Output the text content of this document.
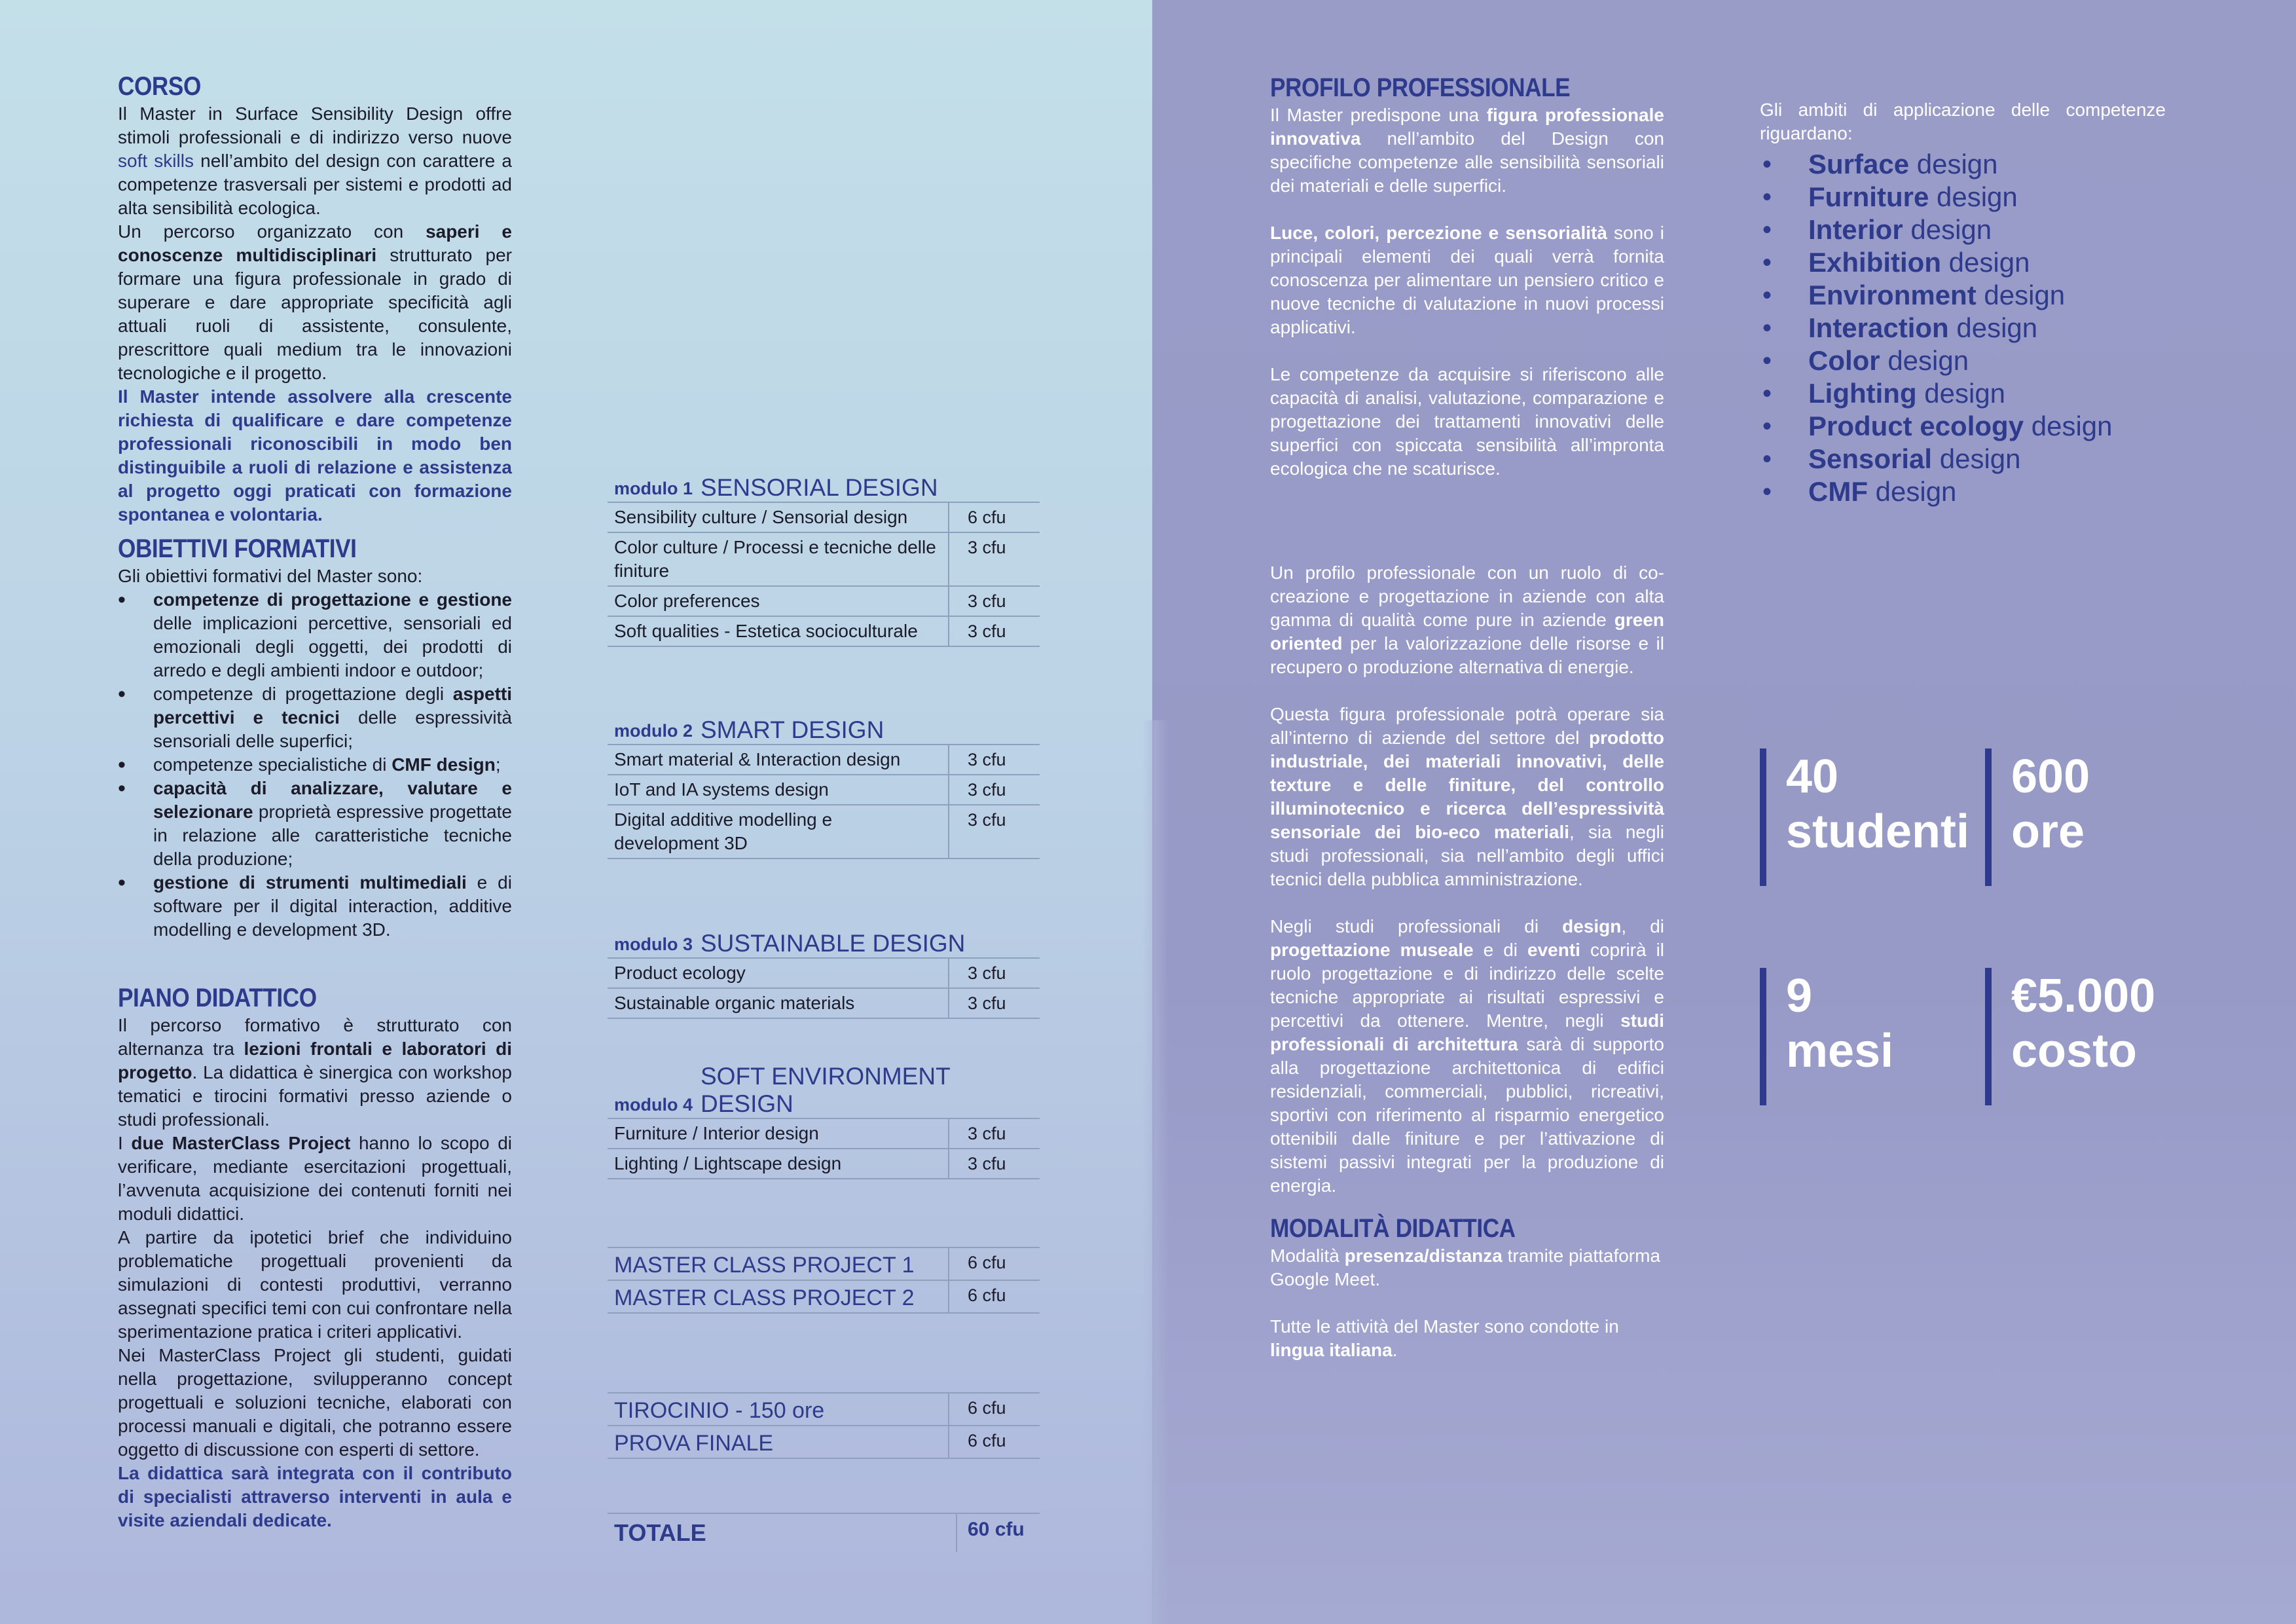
CORSO

Il Master in Surface Sensibility Design offre stimoli professionali e di indirizzo verso nuove soft skills nell’ambito del design con carattere a competenze trasversali per sistemi e prodotti ad alta sensibilità ecologica.

Un percorso organizzato con saperi e conoscenze multidisciplinari strutturato per formare una figura professionale in grado di superare e dare appropriate specificità agli attuali ruoli di assistente, consulente, prescrittore quali medium tra le innovazioni tecnologiche e il progetto.

Il Master intende assolvere alla crescente richiesta di qualificare e dare competenze professionali riconoscibili in modo ben distinguibile a ruoli di relazione e assistenza al progetto oggi praticati con formazione spontanea e volontaria.

OBIETTIVI FORMATIVI

Gli obiettivi formativi del Master sono:

• competenze di progettazione e gestione delle implicazioni percettive, sensoriali ed emozionali degli oggetti, dei prodotti di arredo e degli ambienti indoor e outdoor;
• competenze di progettazione degli aspetti percettivi e tecnici delle espressività sensoriali delle superfici;
• competenze specialistiche di CMF design;
• capacità di analizzare, valutare e selezionare proprietà espressive progettate in relazione alle caratteristiche tecniche della produzione;
• gestione di strumenti multimediali e di software per il digital interaction, additive modelling e development 3D.
PIANO DIDATTICO

Il percorso formativo è strutturato con alternanza tra lezioni frontali e laboratori di progetto. La didattica è sinergica con workshop tematici e tirocini formativi presso aziende o studi professionali.

I due MasterClass Project hanno lo scopo di verificare, mediante esercitazioni progettuali, l’avvenuta acquisizione dei contenuti forniti nei moduli didattici.

A partire da ipotetici brief che individuino problematiche progettuali provenienti da simulazioni di contesti produttivi, verranno assegnati specifici temi con cui confrontare nella sperimentazione pratica i criteri applicativi.

Nei MasterClass Project gli studenti, guidati nella progettazione, svilupperanno concept progettuali e soluzioni tecniche, elaborati con processi manuali e digitali, che potranno essere oggetto di discussione con esperti di settore.

La didattica sarà integrata con il contributo di specialisti attraverso interventi in aula e visite aziendali dedicate.

modulo 1 SENSORIAL DESIGN
Sensibility culture / Sensorial design	6 cfu
Color culture / Processi e tecniche delle finiture
3 cfu
Color preferences	3 cfu
Soft qualities - Estetica socioculturale	3 cfu
modulo 2 SMART DESIGN
Smart material & Interaction design	3 cfu
IoT and IA systems design	3 cfu
Digital additive modelling e development 3D
3 cfu
modulo 3 SUSTAINABLE DESIGN
Product ecology	3 cfu
Sustainable organic materials	3 cfu
modulo 4
SOFT ENVIRONMENT DESIGN
Furniture / Interior design	3 cfu
Lighting / Lightscape design	3 cfu
MASTER CLASS PROJECT 1	6 cfu
MASTER CLASS PROJECT 2	6 cfu
TIROCINIO - 150 ore	6 cfu
PROVA FINALE	6 cfu
TOTALE	60 cfu
PROFILO PROFESSIONALE

Il Master predispone una figura professionale innovativa nell’ambito del Design con specifiche competenze alle sensibilità sensoriali dei materiali e delle superfici.

Luce, colori, percezione e sensorialità sono i principali elementi dei quali verrà fornita conoscenza per alimentare un pensiero critico e nuove tecniche di valutazione in nuovi processi applicativi.

Le competenze da acquisire si riferiscono alle capacità di analisi, valutazione, comparazione e progettazione dei trattamenti innovativi delle superfici con spiccata sensibilità all’impronta ecologica che ne scaturisce.

Un profilo professionale con un ruolo di co-creazione e progettazione in aziende con alta gamma di qualità come pure in aziende green oriented per la valorizzazione delle risorse e il recupero o produzione alternativa di energie.

Questa figura professionale potrà operare sia all’interno di aziende del settore del prodotto industriale, dei materiali innovativi, delle texture e delle finiture, del controllo illuminotecnico e ricerca dell’espressività sensoriale dei bio-eco materiali, sia negli studi professionali, sia nell’ambito degli uffici tecnici della pubblica amministrazione.

Negli studi professionali di design, di progettazione museale e di eventi coprirà il ruolo progettazione e di indirizzo delle scelte tecniche appropriate ai risultati espressivi e percettivi da ottenere. Mentre, negli studi professionali di architettura sarà di supporto alla progettazione architettonica di edifici residenziali, commerciali, pubblici, ricreativi, sportivi con riferimento al risparmio energetico ottenibili dalle finiture e per l’attivazione di sistemi passivi integrati per la produzione di energia.

MODALITÀ DIDATTICA

Modalità presenza/distanza tramite piattaforma Google Meet.

Tutte le attività del Master sono condotte in lingua italiana.

Gli ambiti di applicazione delle competenze riguardano:
• Surface design
• Furniture design
• Interior design
• Exhibition design
• Environment design
• Interaction design
• Color design
• Lighting design
• Product ecology design
• Sensorial design
• CMF design
40
studenti
600
ore
9
mesi
€5.000
costo
